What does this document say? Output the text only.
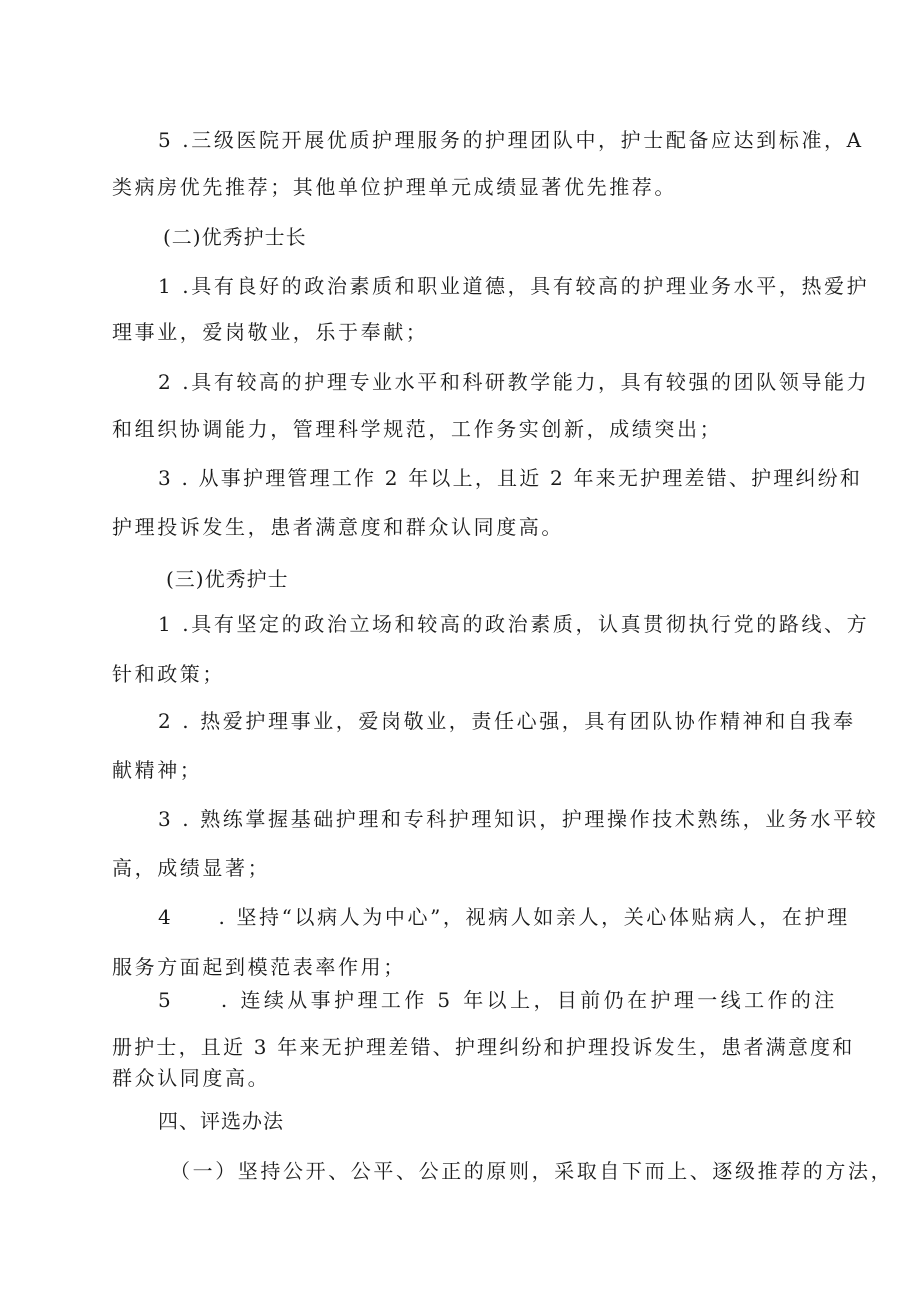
5 .三级医院开展优质护理服务的护理团队中，护士配备应达到标准，A
类病房优先推荐；其他单位护理单元成绩显著优先推荐。
(二)优秀护士长
1 .具有良好的政治素质和职业道德，具有较高的护理业务水平，热爱护
理事业，爱岗敬业，乐于奉献；
2 .具有较高的护理专业水平和科研教学能力，具有较强的团队领导能力
和组织协调能力，管理科学规范，工作务实创新，成绩突出；
3 . 从事护理管理工作 2 年以上，且近 2 年来无护理差错、护理纠纷和
护理投诉发生，患者满意度和群众认同度高。
(三)优秀护士
1 .具有坚定的政治立场和较高的政治素质，认真贯彻执行党的路线、方
针和政策；
2 . 热爱护理事业，爱岗敬业，责任心强，具有团队协作精神和自我奉
献精神；
3 . 熟练掌握基础护理和专科护理知识，护理操作技术熟练，业务水平较
高，成绩显著；
4　　. 坚持“以病人为中心”，视病人如亲人，关心体贴病人，在护理
服务方面起到模范表率作用；
5　　. 连续从事护理工作 5 年以上，目前仍在护理一线工作的注
册护士，且近 3 年来无护理差错、护理纠纷和护理投诉发生，患者满意度和
群众认同度高。
四、评选办法
（一）坚持公开、公平、公正的原则，采取自下而上、逐级推荐的方法，
